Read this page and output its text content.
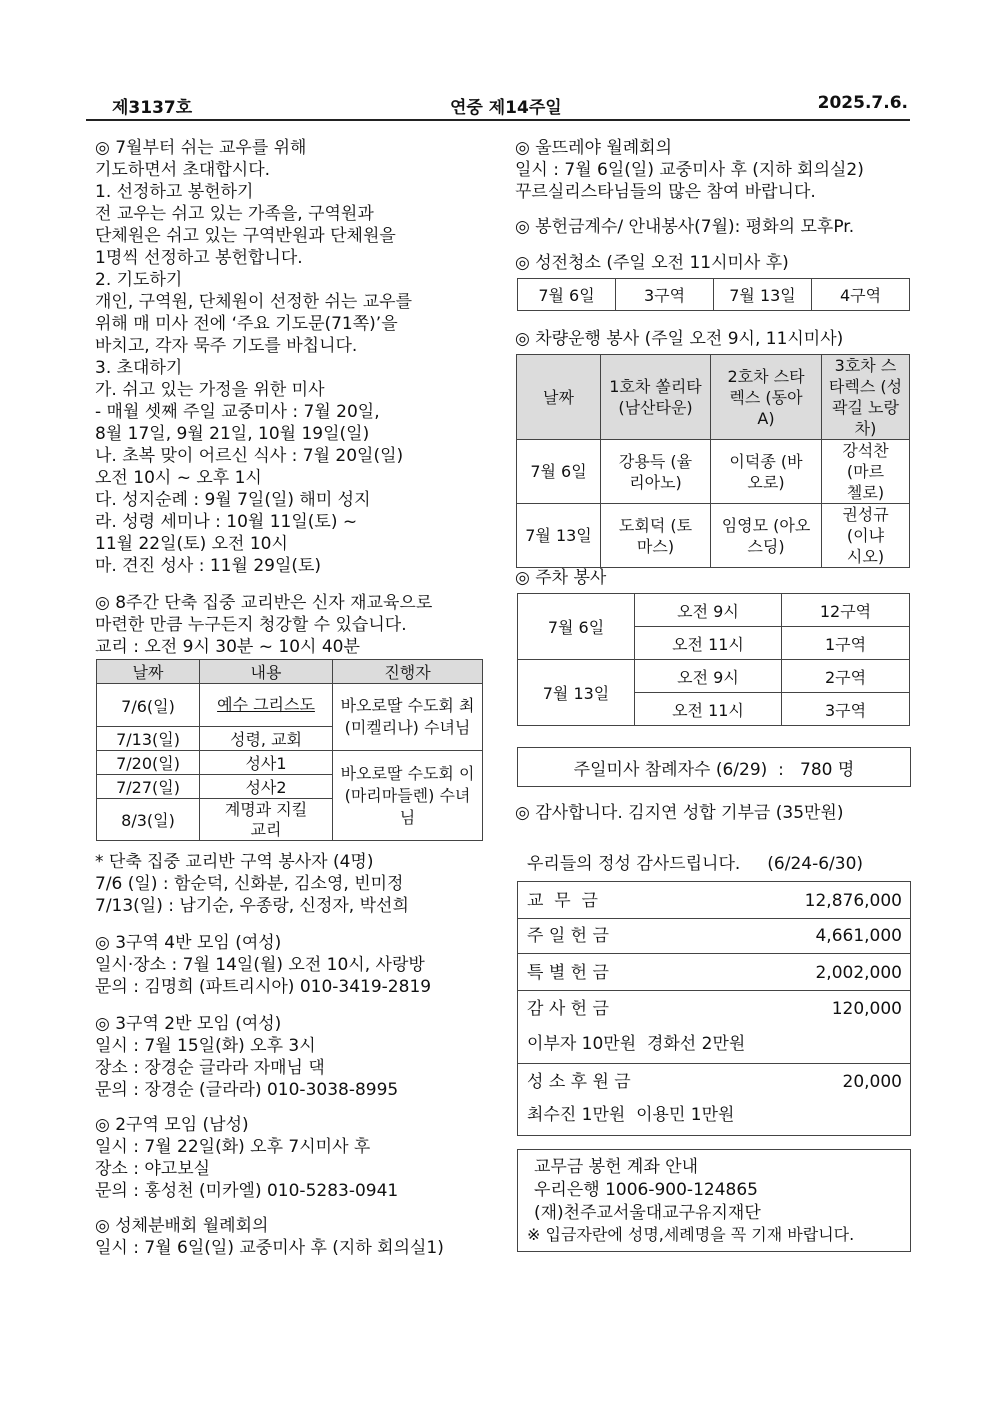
제3137호	연중 제14주일	2025.7.6.
◎ 7월부터 쉬는 교우를 위해
기도하면서 초대합시다.
1. 선정하고 봉헌하기
전 교우는 쉬고 있는 가족을, 구역원과
단체원은 쉬고 있는 구역반원과 단체원을
1명씩 선정하고 봉헌합니다.
2. 기도하기
개인, 구역원, 단체원이 선정한 쉬는 교우를
위해 매 미사 전에 ‘주요 기도문(71쪽)’을
바치고, 각자 묵주 기도를 바칩니다.
3. 초대하기
가. 쉬고 있는 가정을 위한 미사
- 매월 셋째 주일 교중미사 : 7월 20일,
8월 17일, 9월 21일, 10월 19일(일)
나. 초복 맞이 어르신 식사 : 7월 20일(일)
오전 10시 ~ 오후 1시
다. 성지순례 : 9월 7일(일) 해미 성지
라. 성령 세미나 : 10월 11일(토) ~
11월 22일(토) 오전 10시
마. 견진 성사 : 11월 29일(토)
◎ 8주간 단축 집중 교리반은 신자 재교육으로
마련한 만큼 누구든지 청강할 수 있습니다.
교리 : 오전 9시 30분 ~ 10시 40분
날짜	내용	진행자
7/6(일)	예수 그리스도	바오로딸 수도회 최(미켈리나) 수녀님
7/13(일)	성령, 교회	
7/20(일)	성사1	바오로딸 수도회 이(마리마들렌) 수녀님
7/27(일)	성사2	
8/3(일)	계명과 지킬 교리	
* 단축 집중 교리반 구역 봉사자 (4명)
7/6 (일) : 함순덕, 신화분, 김소영, 빈미정
7/13(일) : 남기순, 우종랑, 신정자, 박선희
◎ 3구역 4반 모임 (여성)
일시·장소 : 7월 14일(월) 오전 10시, 사랑방
문의 : 김명희 (파트리시아) 010-3419-2819
◎ 3구역 2반 모임 (여성)
일시 : 7월 15일(화) 오후 3시
장소 : 장경순 글라라 자매님 댁
문의 : 장경순 (글라라) 010-3038-8995
◎ 2구역 모임 (남성)
일시 : 7월 22일(화) 오후 7시미사 후
장소 : 야고보실
문의 : 홍성천 (미카엘) 010-5283-0941
◎ 성체분배회 월례회의
일시 : 7월 6일(일) 교중미사 후 (지하 회의실1)
◎ 울뜨레야 월례회의
일시 : 7월 6일(일) 교중미사 후 (지하 회의실2)
꾸르실리스타님들의 많은 참여 바랍니다.
◎ 봉헌금계수/ 안내봉사(7월): 평화의 모후Pr.
◎ 성전청소 (주일 오전 11시미사 후)
7월 6일	3구역	7월 13일	4구역
◎ 차량운행 봉사 (주일 오전 9시, 11시미사)
날짜	1호차 쏠리타 (남산타운)	2호차 스타렉스 (동아A)	3호차 스타렉스 (성곽길 노랑차)
7월 6일	강용득 (율리아노)	이덕종 (바오로)	강석찬 (마르첼로)
7월 13일	도회덕 (토마스)	임영모 (아오스딩)	권성규 (이냐시오)
◎ 주차 봉사
7월 6일	오전 9시	12구역
	오전 11시	1구역
7월 13일	오전 9시	2구역
	오전 11시	3구역
주일미사 참례자수 (6/29)  :   780 명
◎ 감사합니다. 김지연 성합 기부금 (35만원)
우리들의 정성 감사드립니다.     (6/24-6/30)
교  무  금	12,876,000
주 일 헌 금	4,661,000
특 별 헌 금	2,002,000
감 사 헌 금	120,000
이부자 10만원  경화선 2만원
성 소 후 원 금	20,000
최수진 1만원  이용민 1만원
교무금 봉헌 계좌 안내
우리은행 1006-900-124865
(재)천주교서울대교구유지재단
※ 입금자란에 성명,세례명을 꼭 기재 바랍니다.
